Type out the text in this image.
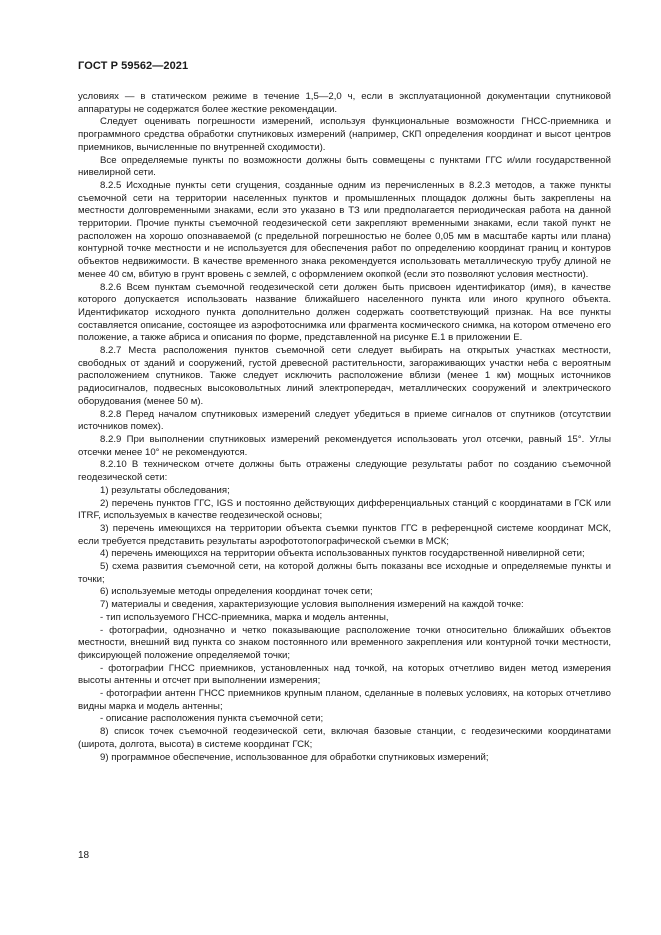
ГОСТ Р 59562—2021

условиях — в статическом режиме в течение 1,5—2,0 ч, если в эксплуатационной документации спутниковой аппаратуры не содержатся более жесткие рекомендации.

Следует оценивать погрешности измерений, используя функциональные возможности ГНСС-приемника и программного средства обработки спутниковых измерений (например, СКП определения координат и высот центров приемников, вычисленные по внутренней сходимости).

Все определяемые пункты по возможности должны быть совмещены с пунктами ГГС и/или государственной нивелирной сети.

8.2.5 Исходные пункты сети сгущения, созданные одним из перечисленных в 8.2.3 методов, а также пункты съемочной сети на территории населенных пунктов и промышленных площадок должны быть закреплены на местности долговременными знаками, если это указано в ТЗ или предполагается периодическая работа на данной территории. Прочие пункты съемочной геодезической сети закрепляют временными знаками, если такой пункт не расположен на хорошо опознаваемой (с предельной погрешностью не более 0,05 мм в масштабе карты или плана) контурной точке местности и не используется для обеспечения работ по определению координат границ и контуров объектов недвижимости. В качестве временного знака рекомендуется использовать металлическую трубу длиной не менее 40 см, вбитую в грунт вровень с землей, с оформлением окопкой (если это позволяют условия местности).

8.2.6 Всем пунктам съемочной геодезической сети должен быть присвоен идентификатор (имя), в качестве которого допускается использовать название ближайшего населенного пункта или иного крупного объекта. Идентификатор исходного пункта дополнительно должен содержать соответствующий признак. На все пункты составляется описание, состоящее из аэрофотоснимка или фрагмента космического снимка, на котором отмечено его положение, а также абриса и описания по форме, представленной на рисунке Е.1 в приложении Е.

8.2.7 Места расположения пунктов съемочной сети следует выбирать на открытых участках местности, свободных от зданий и сооружений, густой древесной растительности, загораживающих участки неба с вероятным расположением спутников. Также следует исключить расположение вблизи (менее 1 км) мощных источников радиосигналов, подвесных высоковольтных линий электропередач, металлических сооружений и электрического оборудования (менее 50 м).

8.2.8 Перед началом спутниковых измерений следует убедиться в приеме сигналов от спутников (отсутствии источников помех).

8.2.9 При выполнении спутниковых измерений рекомендуется использовать угол отсечки, равный 15°. Углы отсечки менее 10° не рекомендуются.

8.2.10 В техническом отчете должны быть отражены следующие результаты работ по созданию съемочной геодезической сети:

1) результаты обследования;

2) перечень пунктов ГГС, IGS и постоянно действующих дифференциальных станций с координатами в ГСК или ITRF, используемых в качестве геодезической основы;

3) перечень имеющихся на территории объекта съемки пунктов ГГС в референцной системе координат МСК, если требуется представить результаты аэрофототопографической съемки в МСК;

4) перечень имеющихся на территории объекта использованных пунктов государственной нивелирной сети;

5) схема развития съемочной сети, на которой должны быть показаны все исходные и определяемые пункты и точки;

6) используемые методы определения координат точек сети;

7) материалы и сведения, характеризующие условия выполнения измерений на каждой точке:

- тип используемого ГНСС-приемника, марка и модель антенны,

- фотографии, однозначно и четко показывающие расположение точки относительно ближайших объектов местности, внешний вид пункта со знаком постоянного или временного закрепления или контурной точки местности, фиксирующей положение определяемой точки;

- фотографии ГНСС приемников, установленных над точкой, на которых отчетливо виден метод измерения высоты антенны и отсчет при выполнении измерения;

- фотографии антенн ГНСС приемников крупным планом, сделанные в полевых условиях, на которых отчетливо видны марка и модель антенны;

- описание расположения пункта съемочной сети;

8) список точек съемочной геодезической сети, включая базовые станции, с геодезическими координатами (широта, долгота, высота) в системе координат ГСК;

9) программное обеспечение, использованное для обработки спутниковых измерений;

18
